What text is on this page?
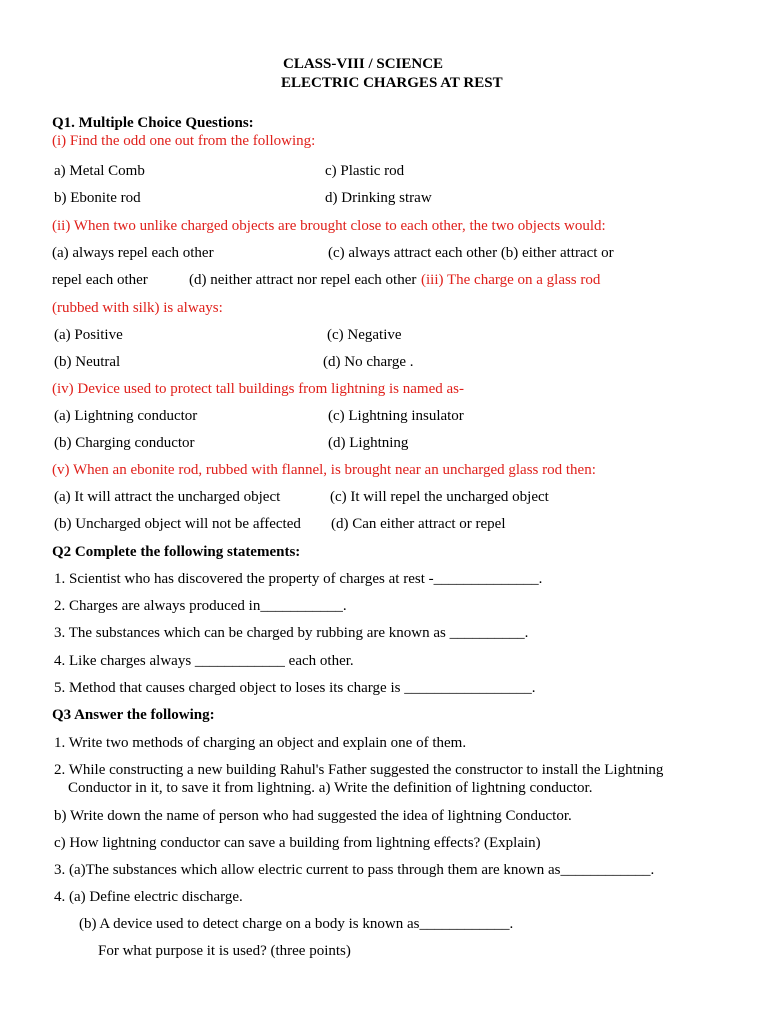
CLASS-VIII / SCIENCE
ELECTRIC CHARGES AT REST
Q1. Multiple Choice Questions:
(i) Find the odd one out from the following:
a) Metal Comb	c) Plastic rod
b) Ebonite rod	d) Drinking straw
(ii) When two unlike charged objects are brought close to each other, the two objects would:
(a) always repel each other	(c) always attract each other (b) either attract or
repel each other	(d) neither attract nor repel each other (iii) The charge on a glass rod
(rubbed with silk) is always:
(a) Positive	(c) Negative
(b) Neutral	(d) No charge .
(iv) Device used to protect tall buildings from lightning is named as-
(a) Lightning conductor	(c) Lightning insulator
(b) Charging conductor	(d) Lightning
(v) When an ebonite rod, rubbed with flannel, is brought near an uncharged glass rod then:
(a) It will attract the uncharged object	(c) It will repel the uncharged object
(b) Uncharged object will not be affected (d) Can either attract or repel
Q2 Complete the following statements:
1. Scientist who has discovered the property of charges at rest -______________.
2. Charges are always produced in___________.
3. The substances which can be charged by rubbing are known as __________.
4. Like charges always ____________ each other.
5. Method that causes charged object to loses its charge is _________________.
Q3 Answer the following:
1. Write two methods of charging an object and explain one of them.
2. While constructing a new building Rahul's Father suggested the constructor to install the Lightning
Conductor in it, to save it from lightning. a) Write the definition of lightning conductor.
b) Write down the name of person who had suggested the idea of lightning Conductor.
c) How lightning conductor can save a building from lightning effects? (Explain)
3. (a)The substances which allow electric current to pass through them are known as____________.
4. (a) Define electric discharge.
(b) A device used to detect charge on a body is known as____________.
For what purpose it is used? (three points)
